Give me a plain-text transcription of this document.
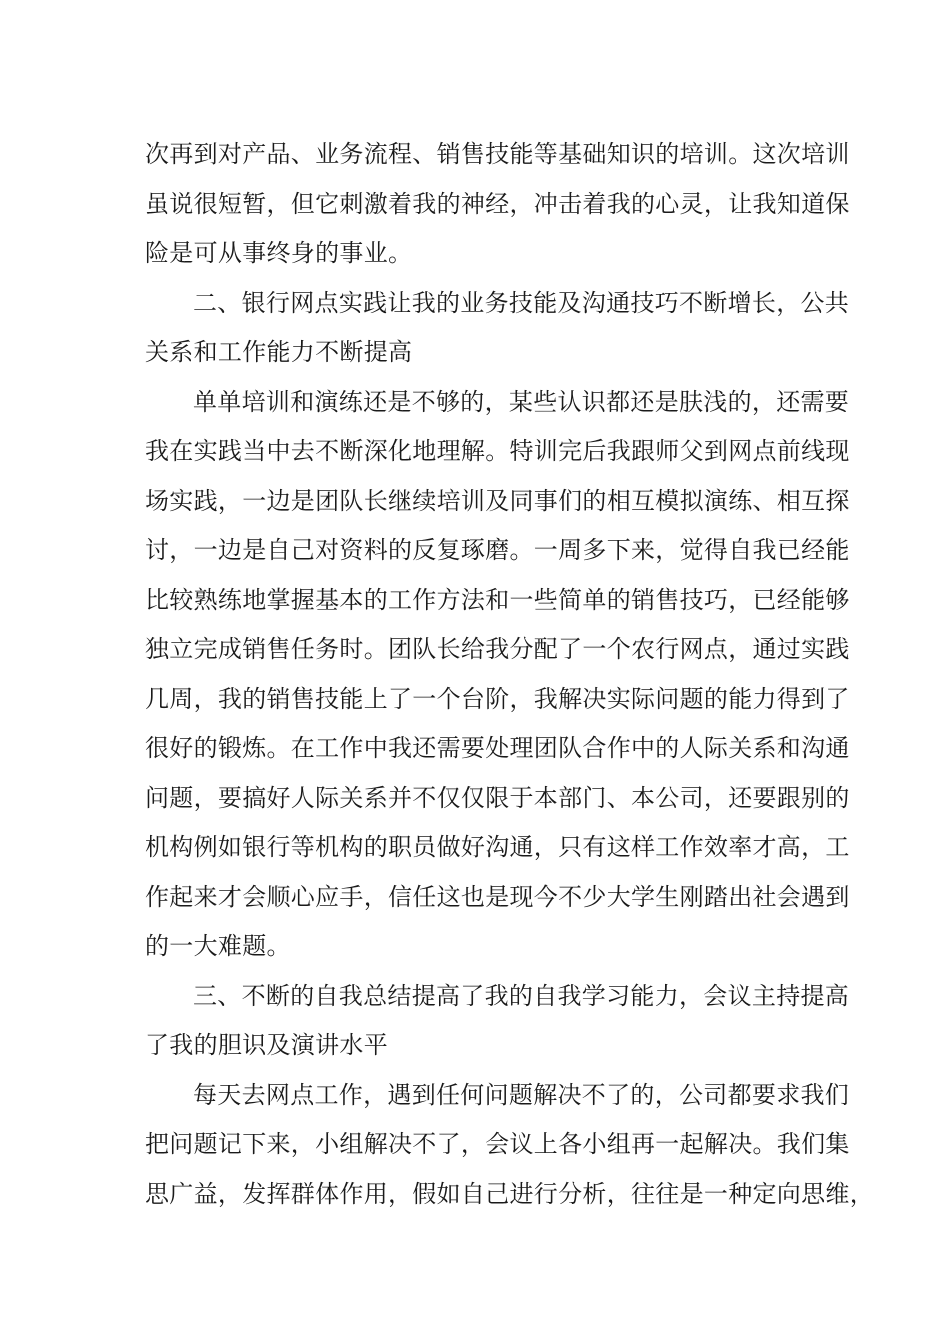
次再到对产品、业务流程、销售技能等基础知识的培训。这次培训
虽说很短暂，但它刺激着我的神经，冲击着我的心灵，让我知道保
险是可从事终身的事业。
二、银行网点实践让我的业务技能及沟通技巧不断增长，公共
关系和工作能力不断提高
单单培训和演练还是不够的，某些认识都还是肤浅的，还需要
我在实践当中去不断深化地理解。特训完后我跟师父到网点前线现
场实践，一边是团队长继续培训及同事们的相互模拟演练、相互探
讨，一边是自己对资料的反复琢磨。一周多下来，觉得自我已经能
比较熟练地掌握基本的工作方法和一些简单的销售技巧，已经能够
独立完成销售任务时。团队长给我分配了一个农行网点，通过实践
几周，我的销售技能上了一个台阶，我解决实际问题的能力得到了
很好的锻炼。在工作中我还需要处理团队合作中的人际关系和沟通
问题，要搞好人际关系并不仅仅限于本部门、本公司，还要跟别的
机构例如银行等机构的职员做好沟通，只有这样工作效率才高，工
作起来才会顺心应手，信任这也是现今不少大学生刚踏出社会遇到
的一大难题。
三、不断的自我总结提高了我的自我学习能力，会议主持提高
了我的胆识及演讲水平
每天去网点工作，遇到任何问题解决不了的，公司都要求我们
把问题记下来，小组解决不了，会议上各小组再一起解决。我们集
思广益，发挥群体作用，假如自己进行分析，往往是一种定向思维，
